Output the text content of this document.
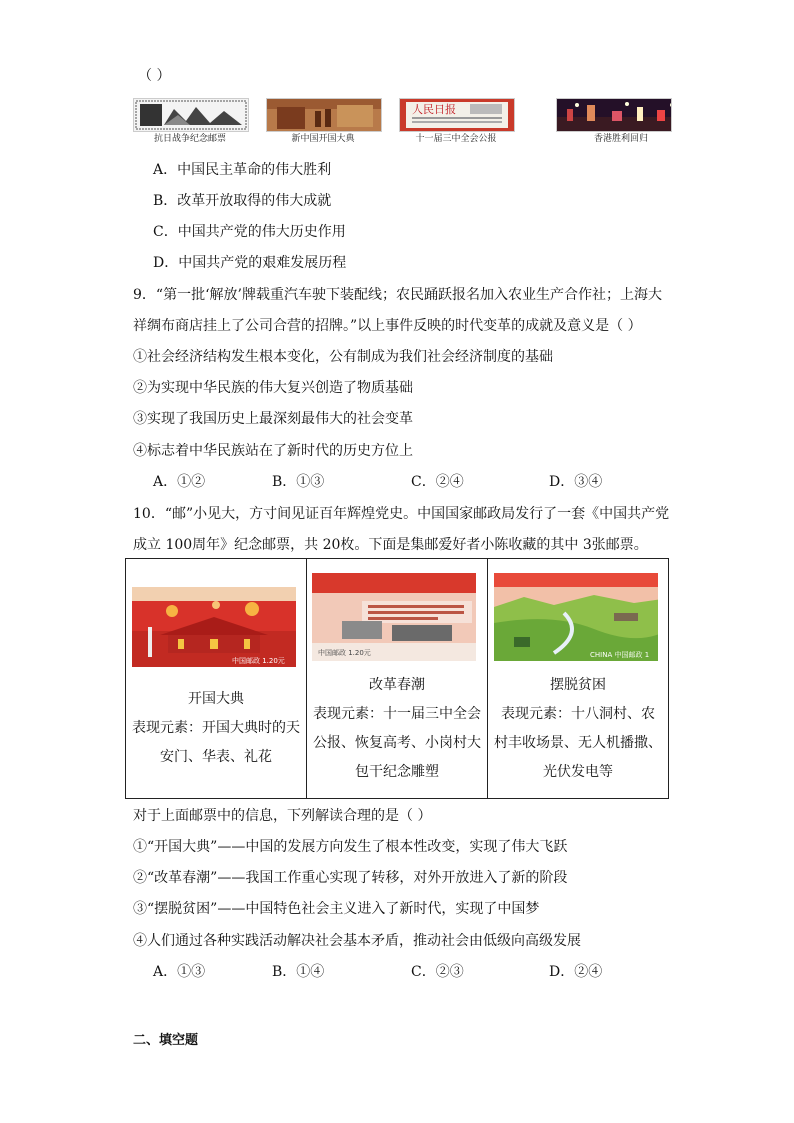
（ ）
人民日报
抗日战争纪念邮票	新中国开国大典	十一届三中全会公报	香港胜利回归
A．中国民主革命的伟大胜利
B．改革开放取得的伟大成就
C．中国共产党的伟大历史作用
D．中国共产党的艰难发展历程
9．“第一批‘解放’牌载重汽车驶下装配线；农民踊跃报名加入农业生产合作社；上海大
祥绸布商店挂上了公司合营的招牌。”以上事件反映的时代变革的成就及意义是（ ）
①社会经济结构发生根本变化，公有制成为我们社会经济制度的基础
②为实现中华民族的伟大复兴创造了物质基础
③实现了我国历史上最深刻最伟大的社会变革
④标志着中华民族站在了新时代的历史方位上
A．①②	B．①③	C．②④	D．③④
10．“邮”小见大，方寸间见证百年辉煌党史。中国国家邮政局发行了一套《中国共产党
成立 100周年》纪念邮票，共 20枚。下面是集邮爱好者小陈收藏的其中 3张邮票。
中国邮政 1.20元
开国大典
表现元素：开国大典时的天
安门、华表、礼花

中国邮政 1.20元
改革春潮
表现元素：十一届三中全会
公报、恢复高考、小岗村大
包干纪念雕塑

CHINA 中国邮政 1
摆脱贫困
表现元素：十八洞村、农
村丰收场景、无人机播撒、
光伏发电等
对于上面邮票中的信息，下列解读合理的是（ ）
①“开国大典”——中国的发展方向发生了根本性改变，实现了伟大飞跃
②“改革春潮”——我国工作重心实现了转移，对外开放进入了新的阶段
③“摆脱贫困”——中国特色社会主义进入了新时代，实现了中国梦
④人们通过各种实践活动解决社会基本矛盾，推动社会由低级向高级发展
A．①③	B．①④	C．②③	D．②④
二、填空题
